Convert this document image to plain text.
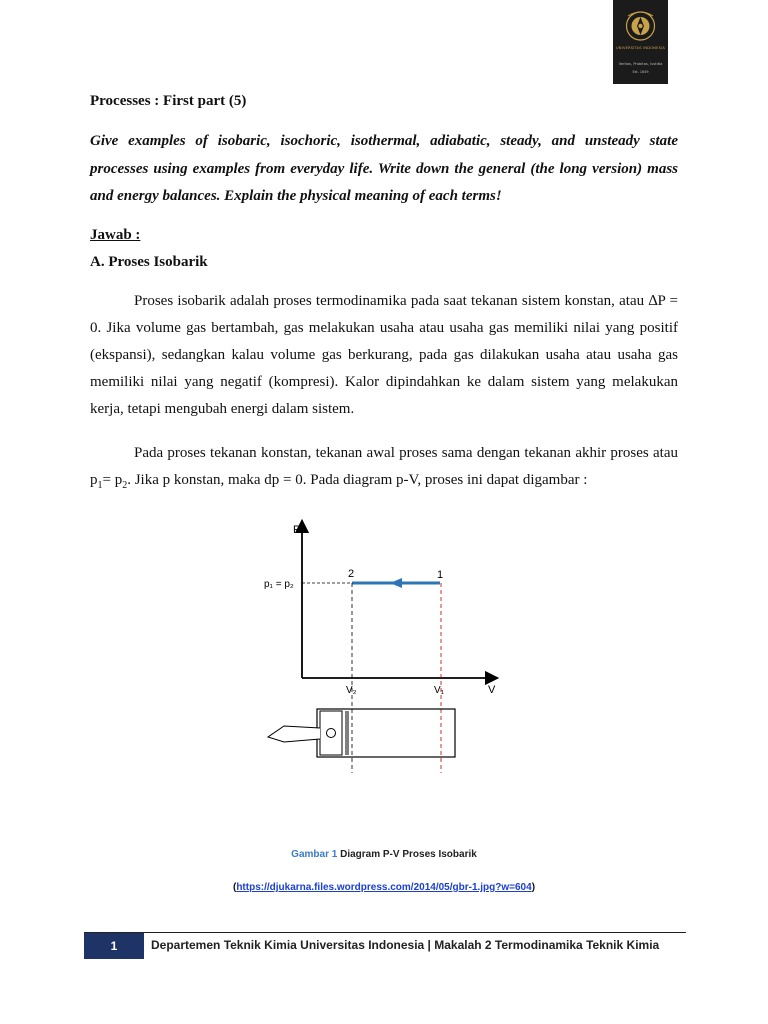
UNIVERSITAS INDONESIA
Veritas, Probitas, Iustitia
Est. 1849
Processes : First part (5)
Give examples of isobaric, isochoric, isothermal, adiabatic, steady, and unsteady state processes using examples from everyday life. Write down the general (the long version) mass and energy balances. Explain the physical meaning of each terms!
Jawab :
A. Proses Isobarik

Proses isobarik adalah proses termodinamika pada saat tekanan sistem konstan, atau ∆P = 0. Jika volume gas bertambah, gas melakukan usaha atau usaha gas memiliki nilai yang positif (ekspansi), sedangkan kalau volume gas berkurang, pada gas dilakukan usaha atau usaha gas memiliki nilai yang negatif (kompresi). Kalor dipindahkan ke dalam sistem yang melakukan kerja, tetapi mengubah energi dalam sistem.

Pada proses tekanan konstan, tekanan awal proses sama dengan tekanan akhir proses atau $p_1= p_2$. Jika p konstan, maka dp = 0. Pada diagram p-V, proses ini dapat digambar :

P
V
p₁ = p₂
2	1
V₂	V₁
Gambar 1 Diagram P-V Proses Isobarik
(https://djukarna.files.wordpress.com/2014/05/gbr-1.jpg?w=604)
1	Departemen Teknik Kimia Universitas Indonesia | Makalah 2 Termodinamika Teknik Kimia
